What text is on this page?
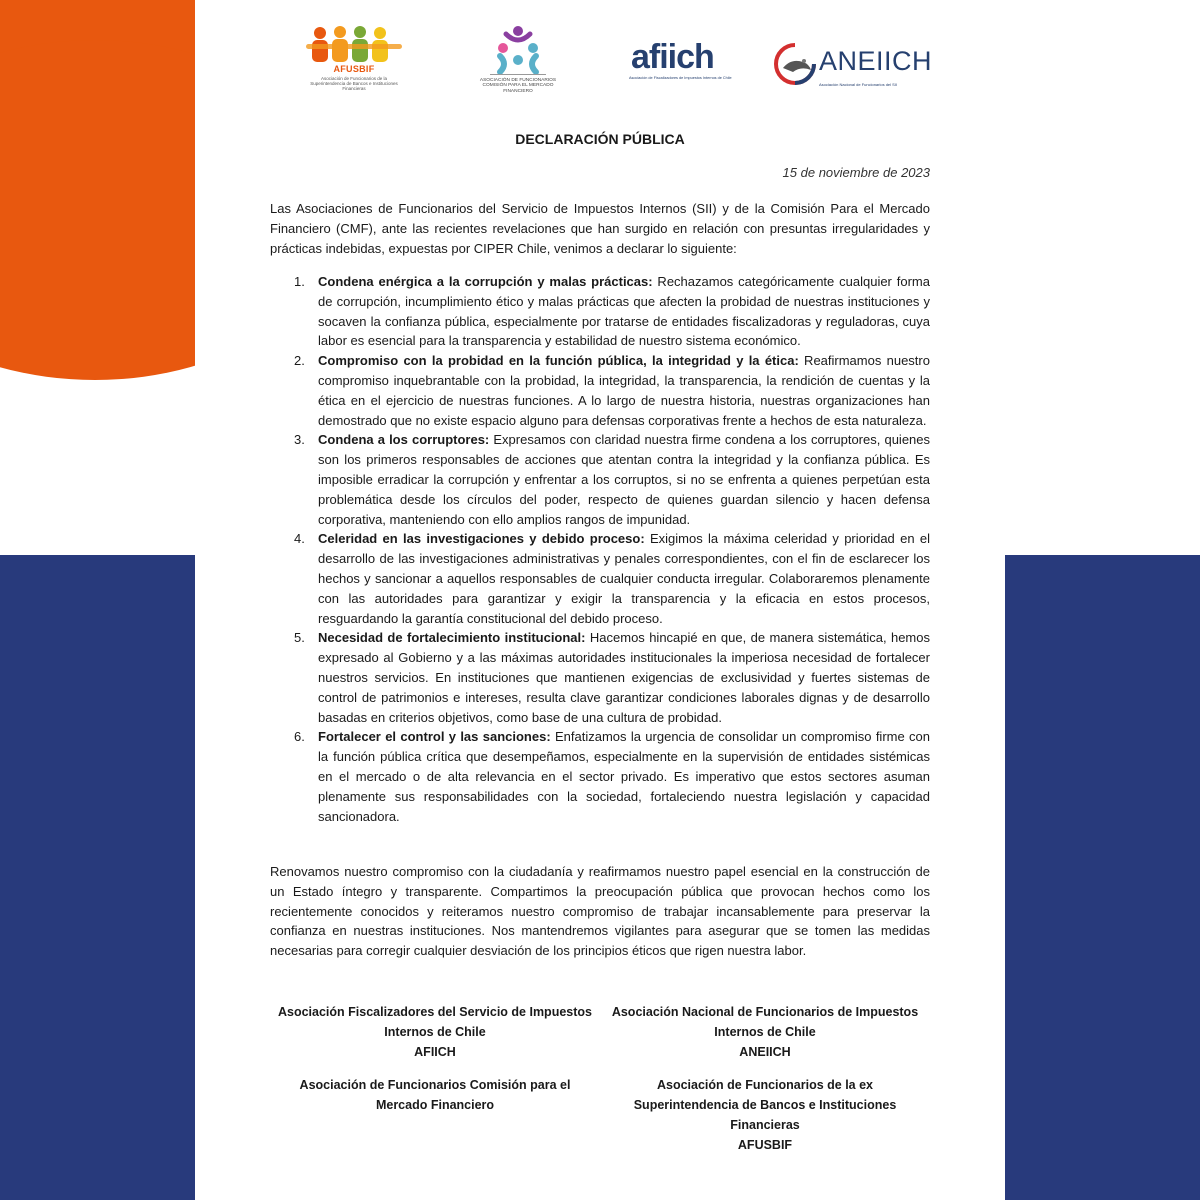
AFUSBIF
Asociación de Funcionarios de la Superintendencia de Bancos e Instituciones Financieras
ASOCIACIÓN DE FUNCIONARIOS COMISIÓN PARA EL MERCADO FINANCIERO
afiich
Asociación de Fiscalizadores de Impuestos Internos de Chile
ANEIICH
Asociación Nacional de Funcionarios del SII
DECLARACIÓN PÚBLICA
15 de noviembre de 2023
Las Asociaciones de Funcionarios del Servicio de Impuestos Internos (SII) y de la Comisión Para el Mercado Financiero (CMF), ante las recientes revelaciones que han surgido en relación con presuntas irregularidades y prácticas indebidas, expuestas por CIPER Chile, venimos a declarar lo siguiente:
1. Condena enérgica a la corrupción y malas prácticas: Rechazamos categóricamente cualquier forma de corrupción, incumplimiento ético y malas prácticas que afecten la probidad de nuestras instituciones y socaven la confianza pública, especialmente por tratarse de entidades fiscalizadoras y reguladoras, cuya labor es esencial para la transparencia y estabilidad de nuestro sistema económico.
2. Compromiso con la probidad en la función pública, la integridad y la ética: Reafirmamos nuestro compromiso inquebrantable con la probidad, la integridad, la transparencia, la rendición de cuentas y la ética en el ejercicio de nuestras funciones. A lo largo de nuestra historia, nuestras organizaciones han demostrado que no existe espacio alguno para defensas corporativas frente a hechos de esta naturaleza.
3. Condena a los corruptores: Expresamos con claridad nuestra firme condena a los corruptores, quienes son los primeros responsables de acciones que atentan contra la integridad y la confianza pública. Es imposible erradicar la corrupción y enfrentar a los corruptos, si no se enfrenta a quienes perpetúan esta problemática desde los círculos del poder, respecto de quienes guardan silencio y hacen defensa corporativa, manteniendo con ello amplios rangos de impunidad.
4. Celeridad en las investigaciones y debido proceso: Exigimos la máxima celeridad y prioridad en el desarrollo de las investigaciones administrativas y penales correspondientes, con el fin de esclarecer los hechos y sancionar a aquellos responsables de cualquier conducta irregular. Colaboraremos plenamente con las autoridades para garantizar y exigir la transparencia y la eficacia en estos procesos, resguardando la garantía constitucional del debido proceso.
5. Necesidad de fortalecimiento institucional: Hacemos hincapié en que, de manera sistemática, hemos expresado al Gobierno y a las máximas autoridades institucionales la imperiosa necesidad de fortalecer nuestros servicios. En instituciones que mantienen exigencias de exclusividad y fuertes sistemas de control de patrimonios e intereses, resulta clave garantizar condiciones laborales dignas y de desarrollo basadas en criterios objetivos, como base de una cultura de probidad.
6. Fortalecer el control y las sanciones: Enfatizamos la urgencia de consolidar un compromiso firme con la función pública crítica que desempeñamos, especialmente en la supervisión de entidades sistémicas en el mercado o de alta relevancia en el sector privado. Es imperativo que estos sectores asuman plenamente sus responsabilidades con la sociedad, fortaleciendo nuestra legislación y capacidad sancionadora.
Renovamos nuestro compromiso con la ciudadanía y reafirmamos nuestro papel esencial en la construcción de un Estado íntegro y transparente. Compartimos la preocupación pública que provocan hechos como los recientemente conocidos y reiteramos nuestro compromiso de trabajar incansablemente para preservar la confianza en nuestras instituciones. Nos mantendremos vigilantes para asegurar que se tomen las medidas necesarias para corregir cualquier desviación de los principios éticos que rigen nuestra labor.
Asociación Fiscalizadores del Servicio de Impuestos Internos de Chile
AFIICH
Asociación Nacional de Funcionarios de Impuestos Internos de Chile
ANEIICH
Asociación de Funcionarios Comisión para el Mercado Financiero
Asociación de Funcionarios de la ex Superintendencia de Bancos e Instituciones Financieras
AFUSBIF
